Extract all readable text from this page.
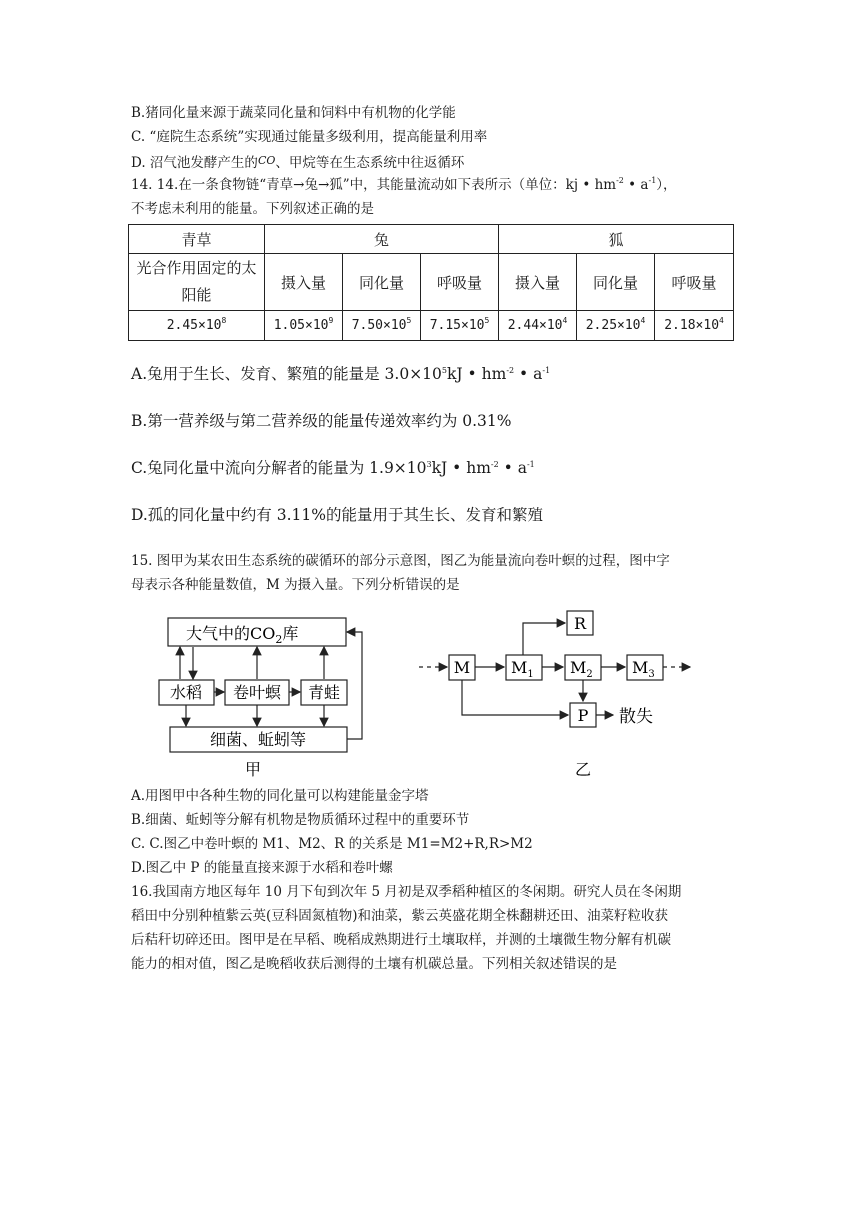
B.猪同化量来源于蔬菜同化量和饲料中有机物的化学能
C. “庭院生态系统”实现通过能量多级利用，提高能量利用率
D. 沼气池发酵产生的$^{CO}$、甲烷等在生态系统中往返循环
14. 14.在一条食物链“青草→兔→狐”中，其能量流动如下表所示（单位：kj • $hm^{-2}$ • $a^{-1}$），
不考虑未利用的能量。下列叙述正确的是
青草	兔			狐		
光合作用固定的太阳能	摄入量	同化量	呼吸量	摄入量	同化量	呼吸量
$2.45\times 10^8$	$1.05\times 10^9$	$7.50\times 10^5$	$7.15\times 10^5$	$2.44\times 10^4$	$2.25\times 10^4$	$2.18\times 10^4$
A.兔用于生长、发育、繁殖的能量是 $3.0\times 10^5kJ$ • $hm^{-2}$ • $a^{-1}$
B.第一营养级与第二营养级的能量传递效率约为 0.31%
C.兔同化量中流向分解者的能量为 $1.9\times 10^3kJ$ • $hm^{-2}$ • $a^{-1}$
D.孤的同化量中约有 3.11%的能量用于其生长、发育和繁殖
15. 图甲为某农田生态系统的碳循环的部分示意图，图乙为能量流向卷叶螟的过程，图中字
母表示各种能量数值，M 为摄入量。下列分析错误的是
大气中的$CO_2$库
水稻 卷叶螟 青蛙
细菌、蚯蚓等
甲
M	$M_1$ $M_2$ $M_3$
R
P 散失
乙
A.用图甲中各种生物的同化量可以构建能量金字塔
B.细菌、蚯蚓等分解有机物是物质循环过程中的重要环节
C. C.图乙中卷叶螟的 M1、M2、R 的关系是 M1=M2+R,R>M2
D.图乙中 P 的能量直接来源于水稻和卷叶螺
16.我国南方地区每年 10 月下旬到次年 5 月初是双季稻种植区的冬闲期。研究人员在冬闲期
稻田中分别种植紫云英(豆科固氮植物)和油菜，紫云英盛花期全株翻耕还田、油菜籽粒收获
后秸秆切碎还田。图甲是在早稻、晚稻成熟期进行土壤取样，并测的土壤微生物分解有机碳
能力的相对值，图乙是晚稻收获后测得的土壤有机碳总量。下列相关叙述错误的是
